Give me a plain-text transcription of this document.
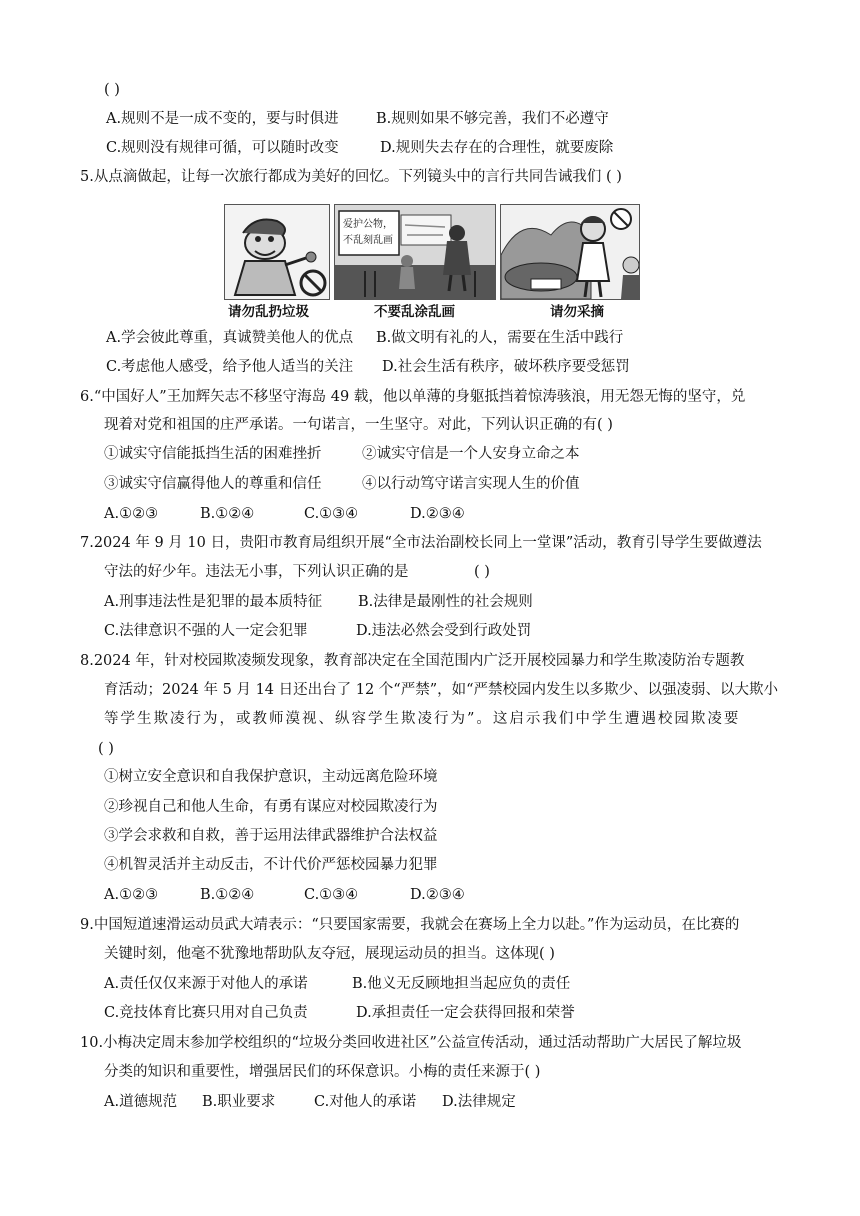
( )
A.规则不是一成不变的，要与时俱进	B.规则如果不够完善，我们不必遵守
C.规则没有规律可循，可以随时改变	D.规则失去存在的合理性，就要废除
5.从点滴做起，让每一次旅行都成为美好的回忆。下列镜头中的言行共同告诫我们 ( )
爱护公物，
不乱刻乱画
请勿乱扔垃圾	不要乱涂乱画	请勿采摘
A.学会彼此尊重，真诚赞美他人的优点 B.做文明有礼的人，需要在生活中践行
C.考虑他人感受，给予他人适当的关注 D.社会生活有秩序，破坏秩序要受惩罚
6.“中国好人”王加辉矢志不移坚守海岛 49 载，他以单薄的身躯抵挡着惊涛骇浪，用无怨无悔的坚守，兑
现着对党和祖国的庄严承诺。一句诺言，一生坚守。对此，下列认识正确的有( )
①诚实守信能抵挡生活的困难挫折	②诚实守信是一个人安身立命之本
③诚实守信赢得他人的尊重和信任	④以行动笃守诺言实现人生的价值
A.①②③	B.①②④	C.①③④	D.②③④
7.2024 年 9 月 10 日，贵阳市教育局组织开展“全市法治副校长同上一堂课”活动，教育引导学生要做遵法
守法的好少年。违法无小事，下列认识正确的是	( )
A.刑事违法性是犯罪的最本质特征 B.法律是最刚性的社会规则
C.法律意识不强的人一定会犯罪	D.违法必然会受到行政处罚
8.2024 年，针对校园欺凌频发现象，教育部决定在全国范围内广泛开展校园暴力和学生欺凌防治专题教
育活动；2024 年 5 月 14 日还出台了 12 个“严禁”，如“严禁校园内发生以多欺少、以强凌弱、以大欺小
等学生欺凌行为，或教师漠视、纵容学生欺凌行为”。这启示我们中学生遭遇校园欺凌要
( )
①树立安全意识和自我保护意识，主动远离危险环境
②珍视自己和他人生命，有勇有谋应对校园欺凌行为
③学会求救和自救，善于运用法律武器维护合法权益
④机智灵活并主动反击，不计代价严惩校园暴力犯罪
A.①②③	B.①②④	C.①③④	D.②③④
9.中国短道速滑运动员武大靖表示：“只要国家需要，我就会在赛场上全力以赴。”作为运动员，在比赛的
关键时刻，他毫不犹豫地帮助队友夺冠，展现运动员的担当。这体现( )
A.责任仅仅来源于对他人的承诺	B.他义无反顾地担当起应负的责任
C.竞技体育比赛只用对自己负责	D.承担责任一定会获得回报和荣誉
10.小梅决定周末参加学校组织的“垃圾分类回收进社区”公益宣传活动，通过活动帮助广大居民了解垃圾
分类的知识和重要性，增强居民们的环保意识。小梅的责任来源于( )
A.道德规范 B.职业要求	C.对他人的承诺 D.法律规定
